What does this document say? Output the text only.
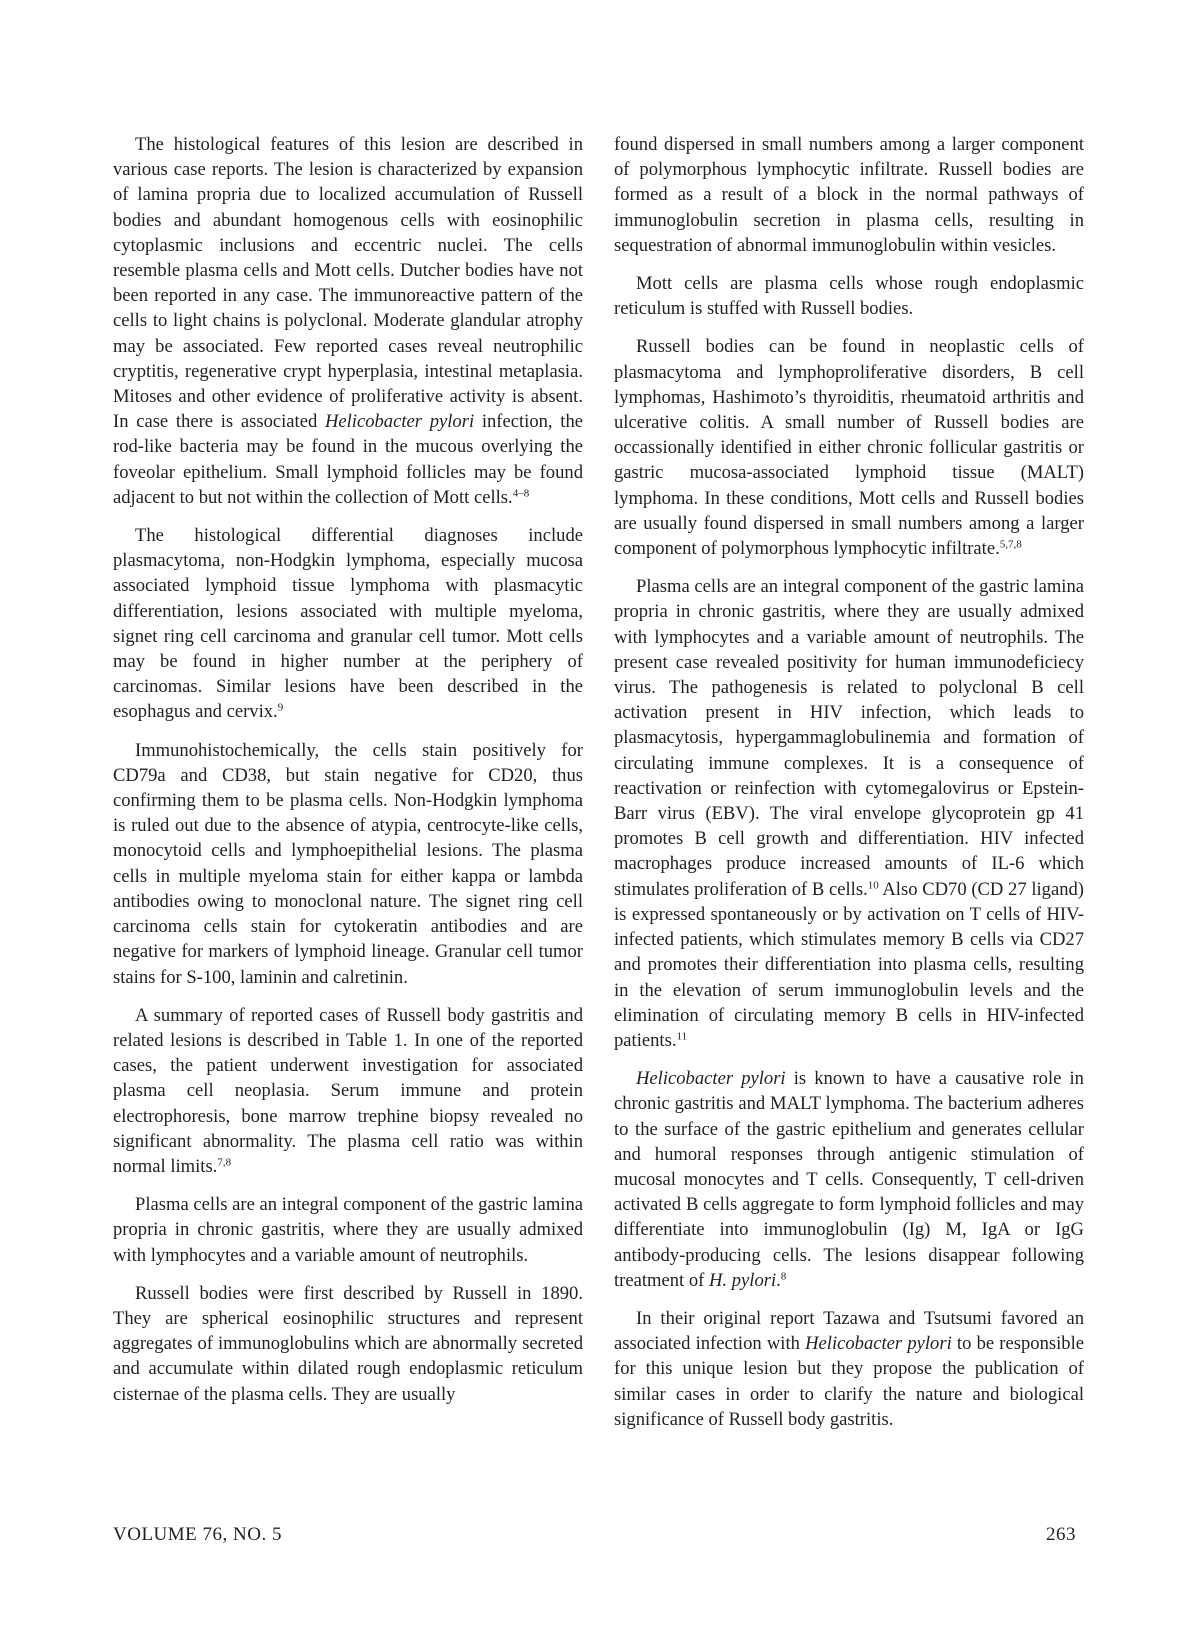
The histological features of this lesion are described in various case reports. The lesion is characterized by expansion of lamina propria due to localized accumulation of Russell bodies and abundant homogenous cells with eosinophilic cytoplasmic inclusions and eccentric nuclei. The cells resemble plasma cells and Mott cells. Dutcher bodies have not been reported in any case. The immunoreactive pattern of the cells to light chains is polyclonal. Moderate glandular atrophy may be associated. Few reported cases reveal neutrophilic cryptitis, regenerative crypt hyperplasia, intestinal metaplasia. Mitoses and other evidence of proliferative activity is absent. In case there is associated Helicobacter pylori infection, the rod-like bacteria may be found in the mucous overlying the foveolar epithelium. Small lymphoid follicles may be found adjacent to but not within the collection of Mott cells.$^{4-8}$

The histological differential diagnoses include plasmacytoma, non-Hodgkin lymphoma, especially mucosa associated lymphoid tissue lymphoma with plasmacytic differentiation, lesions associated with multiple myeloma, signet ring cell carcinoma and granular cell tumor. Mott cells may be found in higher number at the periphery of carcinomas. Similar lesions have been described in the esophagus and cervix.$^9$

Immunohistochemically, the cells stain positively for CD79a and CD38, but stain negative for CD20, thus confirming them to be plasma cells. Non-Hodgkin lymphoma is ruled out due to the absence of atypia, centrocyte-like cells, monocytoid cells and lymphoepithelial lesions. The plasma cells in multiple myeloma stain for either kappa or lambda antibodies owing to monoclonal nature. The signet ring cell carcinoma cells stain for cytokeratin antibodies and are negative for markers of lymphoid lineage. Granular cell tumor stains for S-100, laminin and calretinin.

A summary of reported cases of Russell body gastritis and related lesions is described in Table 1. In one of the reported cases, the patient underwent investigation for associated plasma cell neoplasia. Serum immune and protein electrophoresis, bone marrow trephine biopsy revealed no significant abnormality. The plasma cell ratio was within normal limits.$^{7,8}$

Plasma cells are an integral component of the gastric lamina propria in chronic gastritis, where they are usually admixed with lymphocytes and a variable amount of neutrophils.

Russell bodies were first described by Russell in 1890. They are spherical eosinophilic structures and represent aggregates of immunoglobulins which are abnormally secreted and accumulate within dilated rough endoplasmic reticulum cisternae of the plasma cells. They are usually

found dispersed in small numbers among a larger component of polymorphous lymphocytic infiltrate. Russell bodies are formed as a result of a block in the normal pathways of immunoglobulin secretion in plasma cells, resulting in sequestration of abnormal immunoglobulin within vesicles.

Mott cells are plasma cells whose rough endoplasmic reticulum is stuffed with Russell bodies.

Russell bodies can be found in neoplastic cells of plasmacytoma and lymphoproliferative disorders, B cell lymphomas, Hashimoto’s thyroiditis, rheumatoid arthritis and ulcerative colitis. A small number of Russell bodies are occassionally identified in either chronic follicular gastritis or gastric mucosa-associated lymphoid tissue (MALT) lymphoma. In these conditions, Mott cells and Russell bodies are usually found dispersed in small numbers among a larger component of polymorphous lymphocytic infiltrate.$^{5,7,8}$

Plasma cells are an integral component of the gastric lamina propria in chronic gastritis, where they are usually admixed with lymphocytes and a variable amount of neutrophils. The present case revealed positivity for human immunodeficiecy virus. The pathogenesis is related to polyclonal B cell activation present in HIV infection, which leads to plasmacytosis, hypergammaglobulinemia and formation of circulating immune complexes. It is a consequence of reactivation or reinfection with cytomegalovirus or Epstein-Barr virus (EBV). The viral envelope glycoprotein gp 41 promotes B cell growth and differentiation. HIV infected macrophages produce increased amounts of IL-6 which stimulates proliferation of B cells.$^{10}$ Also CD70 (CD 27 ligand) is expressed spontaneously or by activation on T cells of HIV-infected patients, which stimulates memory B cells via CD27 and promotes their differentiation into plasma cells, resulting in the elevation of serum immunoglobulin levels and the elimination of circulating memory B cells in HIV-infected patients.$^{11}$

Helicobacter pylori is known to have a causative role in chronic gastritis and MALT lymphoma. The bacterium adheres to the surface of the gastric epithelium and generates cellular and humoral responses through antigenic stimulation of mucosal monocytes and T cells. Consequently, T cell-driven activated B cells aggregate to form lymphoid follicles and may differentiate into immunoglobulin (Ig) M, IgA or IgG antibody-producing cells. The lesions disappear following treatment of H. pylori.$^8$

In their original report Tazawa and Tsutsumi favored an associated infection with Helicobacter pylori to be responsible for this unique lesion but they propose the publication of similar cases in order to clarify the nature and biological significance of Russell body gastritis.

VOLUME 76, NO. 5	263
